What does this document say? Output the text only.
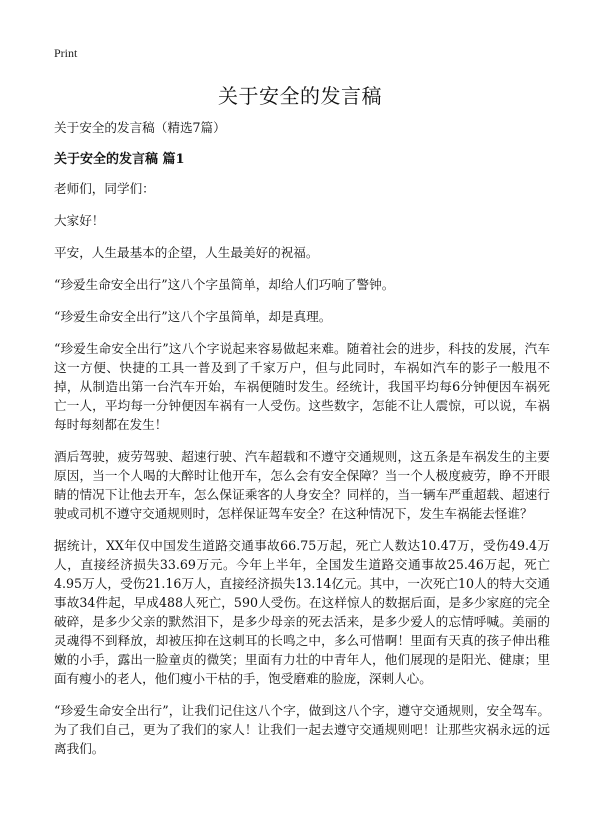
Print
关于安全的发言稿

关于安全的发言稿（精选7篇）

关于安全的发言稿 篇1

老师们，同学们：

大家好！

平安，人生最基本的企望，人生最美好的祝福。

“珍爱生命安全出行”这八个字虽简单，却给人们巧响了警钟。

“珍爱生命安全出行”这八个字虽简单，却是真理。

“珍爱生命安全出行”这八个字说起来容易做起来难。随着社会的进步，科技的发展，汽车这一方便、快捷的工具一普及到了千家万户，但与此同时，车祸如汽车的影子一般甩不掉，从制造出第一台汽车开始，车祸便随时发生。经统计，我国平均每6分钟便因车祸死亡一人，平均每一分钟便因车祸有一人受伤。这些数字，怎能不让人震惊，可以说，车祸每时每刻都在发生！

酒后驾驶，疲劳驾驶、超速行驶、汽车超载和不遵守交通规则，这五条是车祸发生的主要原因，当一个人喝的大醉时让他开车，怎么会有安全保障？当一个人极度疲劳，睁不开眼睛的情况下让他去开车，怎么保证乘客的人身安全？同样的，当一辆车严重超载、超速行驶或司机不遵守交通规则时，怎样保证驾车安全？在这种情况下，发生车祸能去怪谁？

据统计，XX年仅中国发生道路交通事故66.75万起，死亡人数达10.47万，受伤49.4万人，直接经济损失33.69万元。今年上半年，全国发生道路交通事故25.46万起，死亡4.95万人，受伤21.16万人，直接经济损失13.14亿元。其中，一次死亡10人的特大交通事故34件起，早成488人死亡，590人受伤。在这样惊人的数据后面，是多少家庭的完全破碎，是多少父亲的默然泪下，是多少母亲的死去活来，是多少爱人的忘情呼喊。美丽的灵魂得不到释放，却被压抑在这刺耳的长鸣之中，多么可惜啊！里面有天真的孩子伸出稚嫩的小手，露出一脸童贞的微笑；里面有力壮的中青年人，他们展现的是阳光、健康；里面有瘦小的老人，他们瘦小干枯的手，饱受磨难的脸庞，深刺人心。

“珍爱生命安全出行”，让我们记住这八个字，做到这八个字，遵守交通规则，安全驾车。为了我们自己，更为了我们的家人！让我们一起去遵守交通规则吧！让那些灾祸永远的远离我们。
